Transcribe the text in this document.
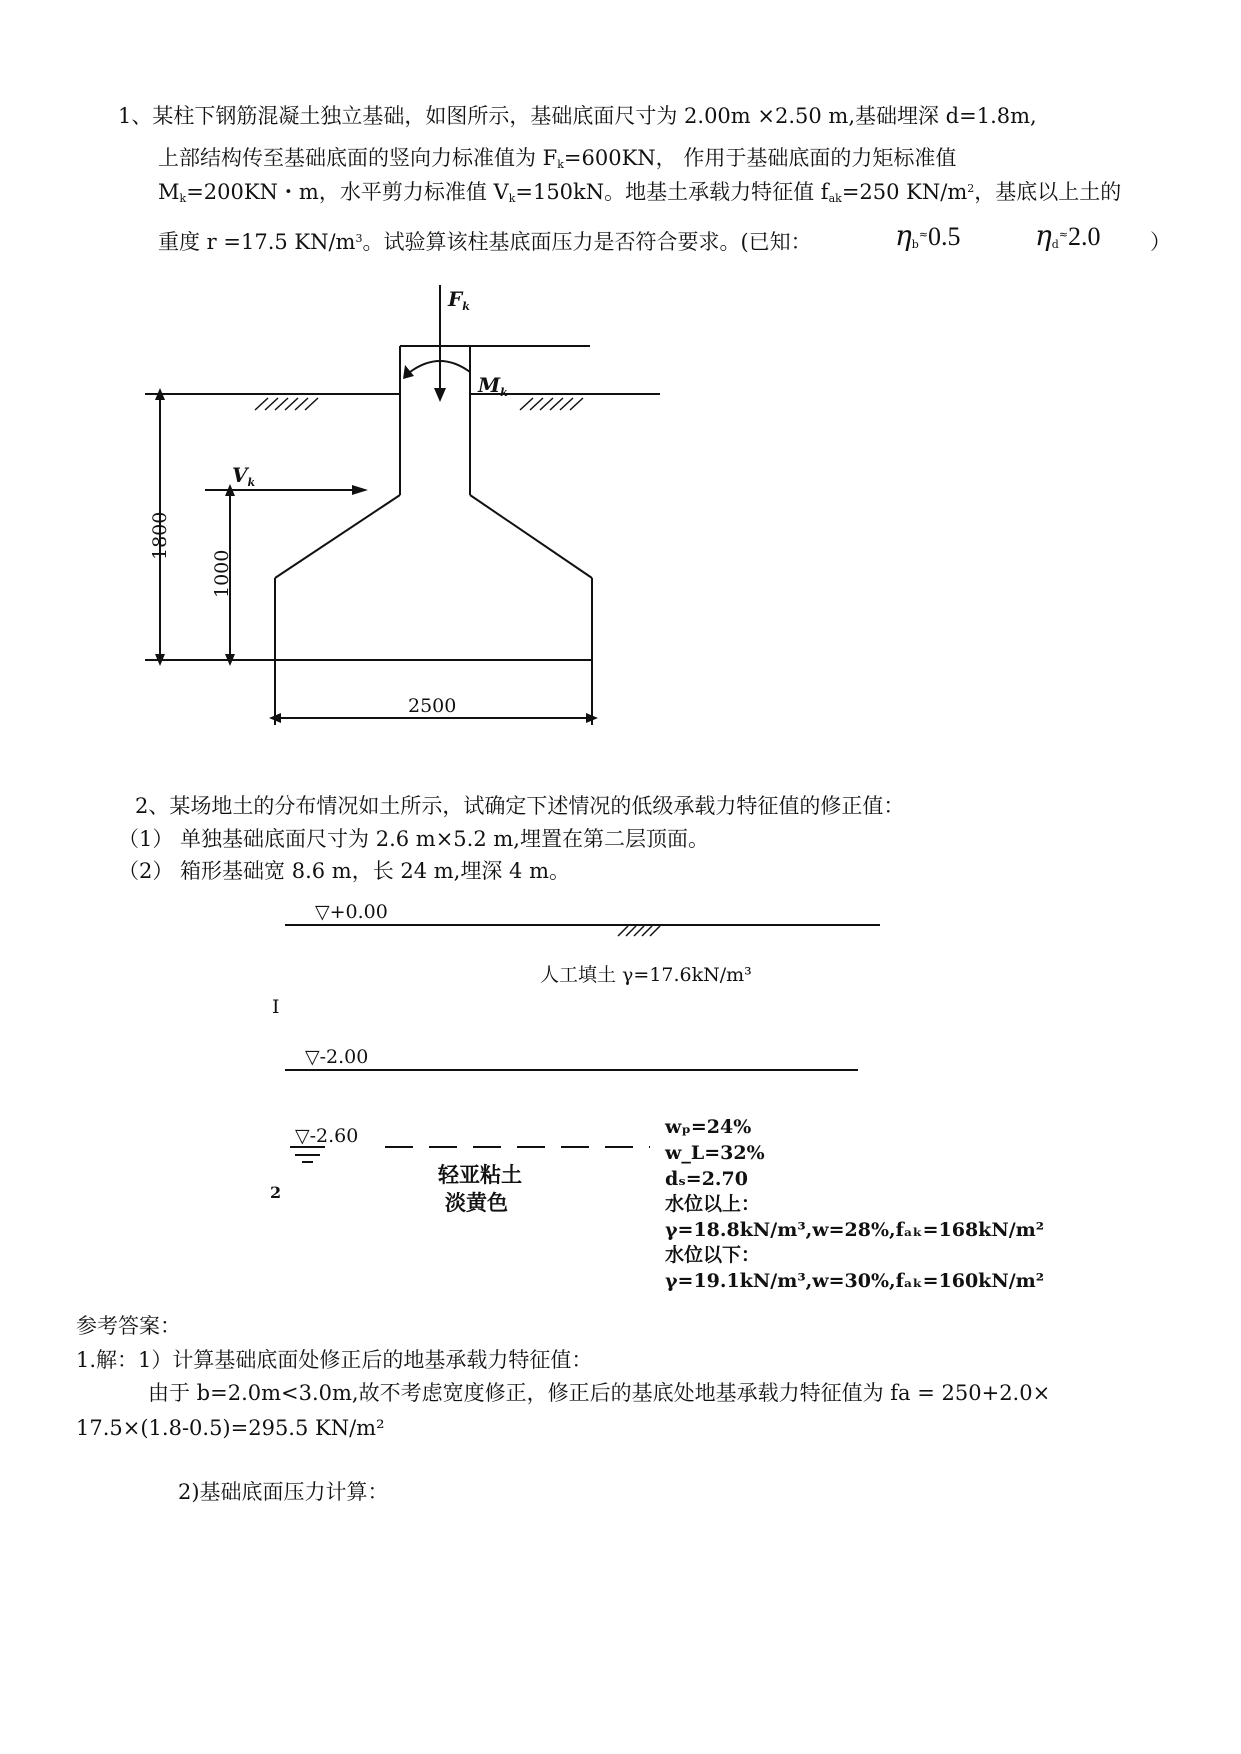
1、某柱下钢筋混凝土独立基础，如图所示，基础底面尺寸为 2.00m ×2.50 m,基础埋深 d=1.8m,
上部结构传至基础底面的竖向力标准值为 $F_k=600KN$， 作用于基础底面的力矩标准值
$M_k=200KN$・m，水平剪力标准值 $V_k=150kN$。地基土承载力特征值 $f_{ak}=250$ $KN/m^2$，基底以上土的
重度 r =17.5 $KN/m^3$。试验算该柱基底面压力是否符合要求。(已知：	$\eta_b^\approx 0.5$	$\eta_d^\approx 2.0$ ）
$F_k$
$M_k$
$V_k$
1800
1000
2500
2、某场地土的分布情况如土所示，试确定下述情况的低级承载力特征值的修正值：
（1） 单独基础底面尺寸为 2.6 m×5.2 m,埋置在第二层顶面。
（2） 箱形基础宽 8.6 m，长 24 m,埋深 4 m。
▽+0.00
人工填土 γ=17.6kN/m³
I
▽-2.00
▽-2.60
2
轻亚粘土
淡黄色
wₚ=24%
w_L=32%
dₛ=2.70
水位以上：
γ=18.8kN/m³,w=28%,fₐₖ=168kN/m²
水位以下：
γ=19.1kN/m³,w=30%,fₐₖ=160kN/m²
参考答案：
1.解：1）计算基础底面处修正后的地基承载力特征值：
由于 b=2.0m<3.0m,故不考虑宽度修正，修正后的基底处地基承载力特征值为 fa = 250+2.0×
17.5×(1.8-0.5)=295.5 KN/m²
2)基础底面压力计算：
